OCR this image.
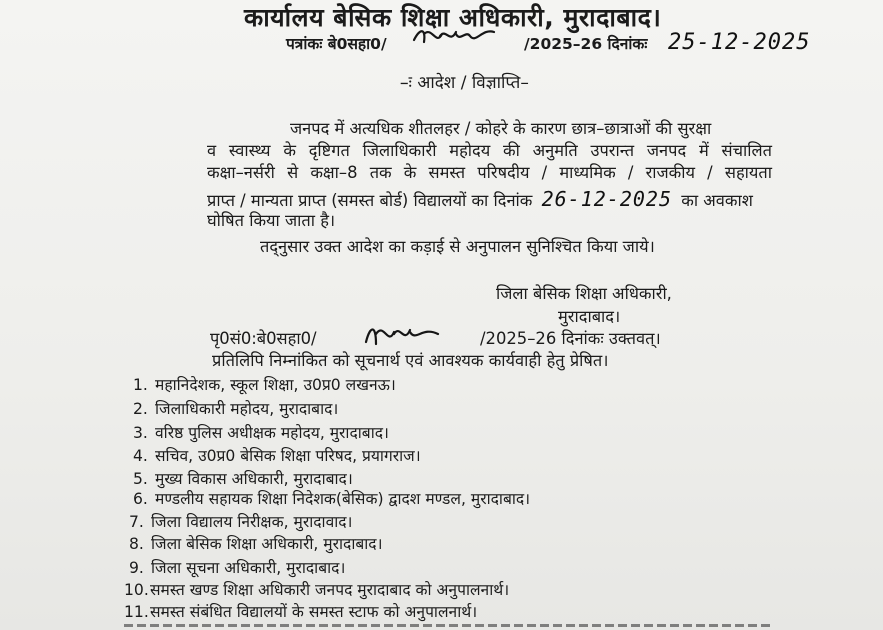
कार्यालय बेसिक शिक्षा अधिकारी, मुरादाबाद।
पत्रांकः बे0सहा0/	/2025–26 दिनांकः 25-12-2025
–ः आदेश / विज्ञाप्ति–
जनपद में अत्यधिक शीतलहर / कोहरे के कारण छात्र–छात्राओं की सुरक्षा
व स्वास्थ्य के दृष्टिगत जिलाधिकारी महोदय की अनुमति उपरान्त जनपद में संचालित
कक्षा–नर्सरी से कक्षा–8 तक के समस्त परिषदीय / माध्यमिक / राजकीय / सहायता
प्राप्त / मान्यता प्राप्त (समस्त बोर्ड) विद्यालयों का दिनांक 26-12-2025 का अवकाश
घोषित किया जाता है।
तद्नुसार उक्त आदेश का कड़ाई से अनुपालन सुनिश्चित किया जाये।
जिला बेसिक शिक्षा अधिकारी,
मुरादाबाद।
पृ0सं0:बे0सहा0/	/2025–26 दिनांकः उक्तवत्।
प्रतिलिपि निम्नांकित को सूचनार्थ एवं आवश्यक कार्यवाही हेतु प्रेषित।
1. महानिदेशक, स्कूल शिक्षा, उ0प्र0 लखनऊ।
2. जिलाधिकारी महोदय, मुरादाबाद।
3. वरिष्ठ पुलिस अधीक्षक महोदय, मुरादाबाद।
4. सचिव, उ0प्र0 बेसिक शिक्षा परिषद, प्रयागराज।
5. मुख्य विकास अधिकारी, मुरादाबाद।
6. मण्डलीय सहायक शिक्षा निदेशक(बेसिक) द्वादश मण्डल, मुरादाबाद।
7. जिला विद्यालय निरीक्षक, मुरादावाद।
8. जिला बेसिक शिक्षा अधिकारी, मुरादाबाद।
9. जिला सूचना अधिकारी, मुरादाबाद।
10.समस्त खण्ड शिक्षा अधिकारी जनपद मुरादाबाद को अनुपालनार्थ।
11.समस्त संबंधित विद्यालयों के समस्त स्टाफ को अनुपालनार्थ।
